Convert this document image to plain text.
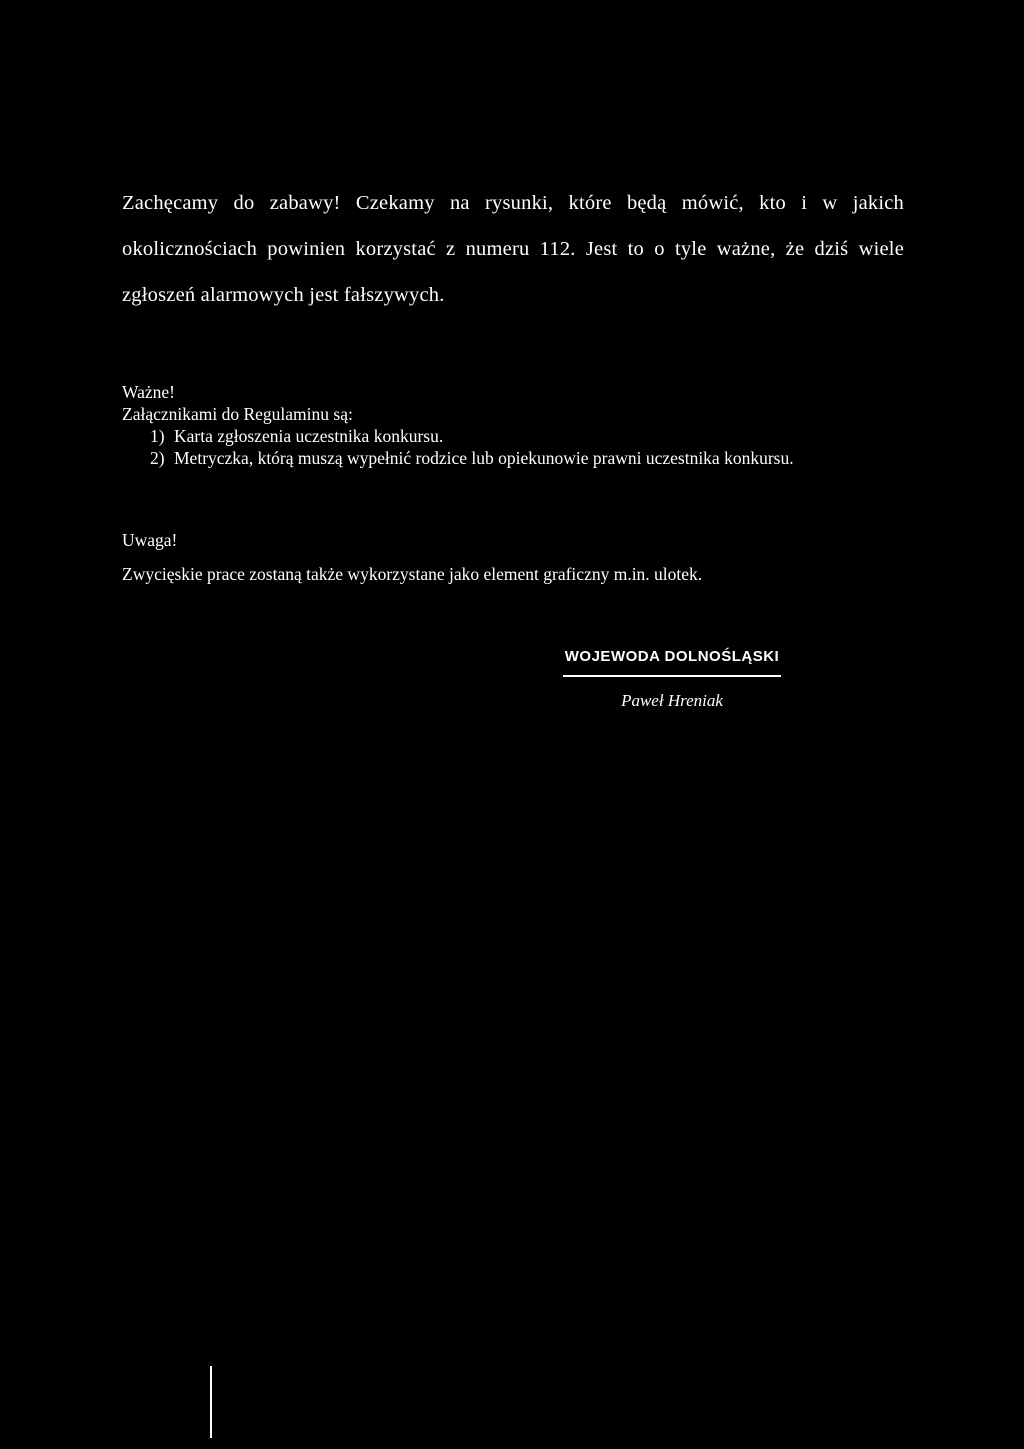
Zachęcamy do zabawy! Czekamy na rysunki, które będą mówić, kto i w jakich okolicznościach powinien korzystać z numeru 112. Jest to o tyle ważne, że dziś wiele zgłoszeń alarmowych jest fałszywych.
Ważne!
Załącznikami do Regulaminu są:
1) Karta zgłoszenia uczestnika konkursu.
2) Metryczka, którą muszą wypełnić rodzice lub opiekunowie prawni uczestnika konkursu.
Uwaga!
Zwycięskie prace zostaną także wykorzystane jako element graficzny m.in. ulotek.
WOJEWODA DOLNOŚLĄSKI
Paweł Hreniak
